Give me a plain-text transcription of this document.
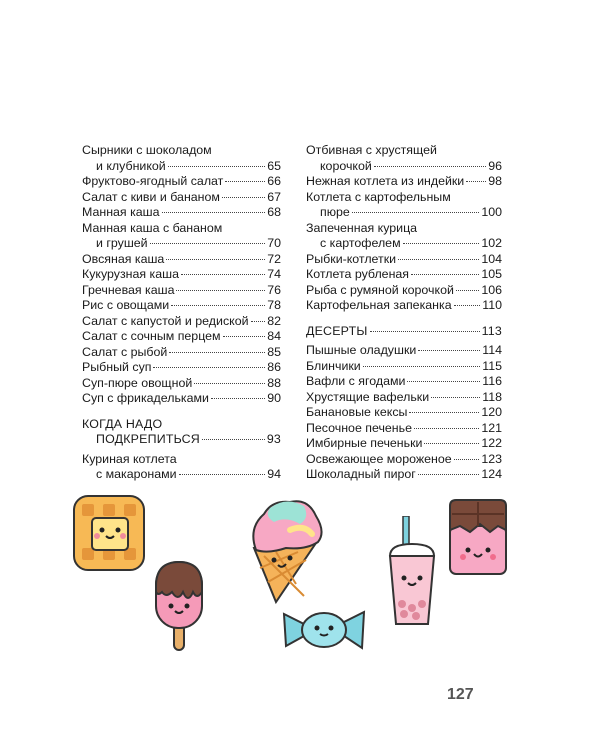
Сырники с шоколадом
и клубникой	65
Фруктово-ягодный салат	66
Салат с киви и бананом	67
Манная каша	68
Манная каша с бананом
и грушей	70
Овсяная каша	72
Кукурузная каша	74
Гречневая каша	76
Рис с овощами	78
Салат с капустой и редиской 82
Салат с сочным перцем	84
Салат с рыбой	85
Рыбный суп	86
Суп-пюре овощной	88
Суп с фрикадельками	90
КОГДА НАДО
ПОДКРЕПИТЬСЯ	93
Куриная котлета
с макаронами	94
Отбивная с хрустящей
корочкой	96
Нежная котлета из индейки 98
Котлета с картофельным
пюре	100
Запеченная курица
с картофелем	102
Рыбки-котлетки	104
Котлета рубленая	105
Рыба с румяной корочкой 106
Картофельная запеканка 110
ДЕСЕРТЫ	113
Пышные оладушки	114
Блинчики	115
Вафли с ягодами	116
Хрустящие вафельки	118
Банановые кексы	120
Песочное печенье	121
Имбирные печеньки	122
Освежающее мороженое 123
Шоколадный пирог	124
127
